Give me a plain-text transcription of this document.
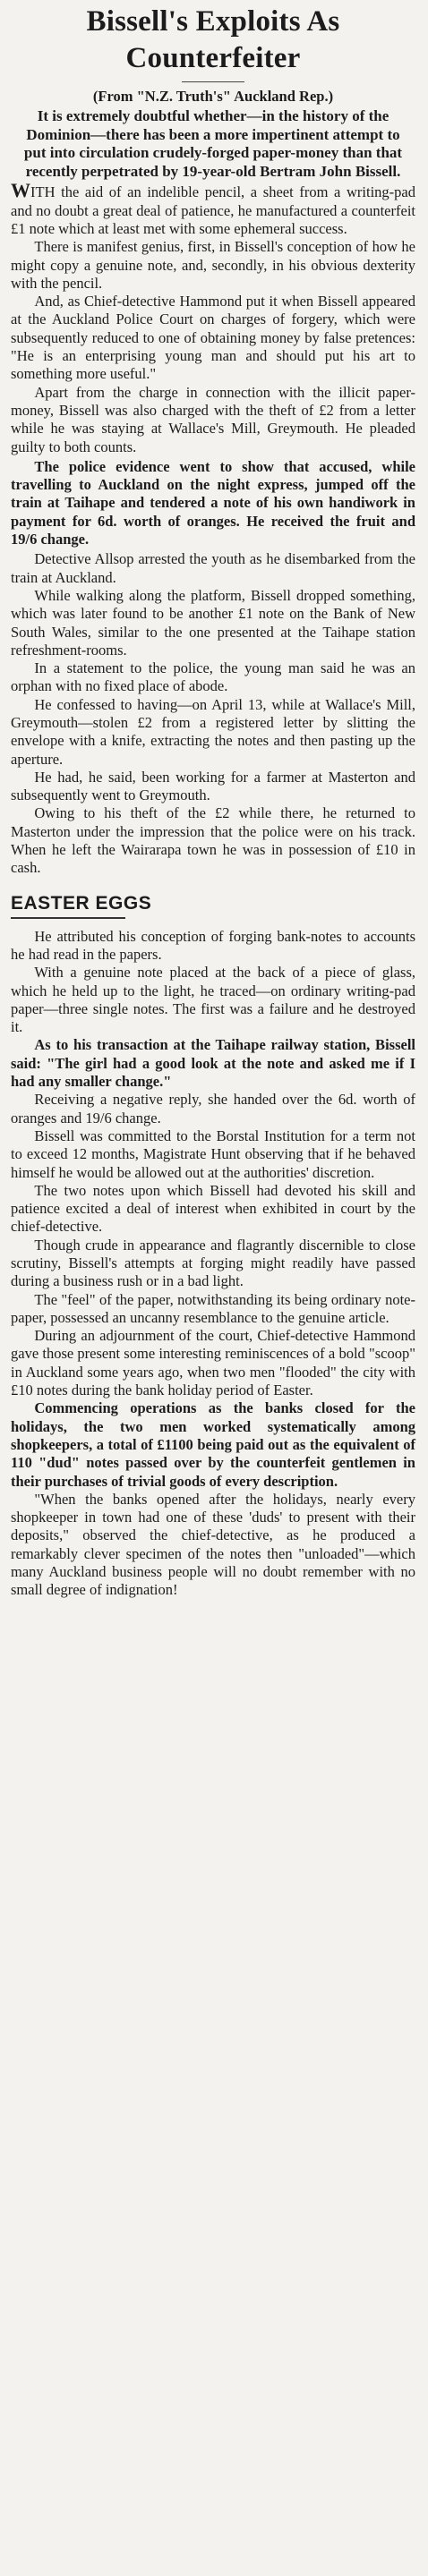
Bissell's Exploits As
Counterfeiter
(From "N.Z. Truth's" Auckland Rep.)

It is extremely doubtful whether—in the history of the Dominion—there has been a more impertinent attempt to put into circulation crudely-forged paper-money than that recently perpetrated by 19-year-old Bertram John Bissell.

WITH the aid of an indelible pencil, a sheet from a writing-pad and no doubt a great deal of patience, he manufactured a counterfeit £1 note which at least met with some ephemeral success.

There is manifest genius, first, in Bissell's conception of how he might copy a genuine note, and, secondly, in his obvious dexterity with the pencil.

And, as Chief-detective Hammond put it when Bissell appeared at the Auckland Police Court on charges of forgery, which were subsequently reduced to one of obtaining money by false pretences: "He is an enterprising young man and should put his art to something more useful."

Apart from the charge in connection with the illicit paper-money, Bissell was also charged with the theft of £2 from a letter while he was staying at Wallace's Mill, Greymouth. He pleaded guilty to both counts.

The police evidence went to show that accused, while travelling to Auckland on the night express, jumped off the train at Taihape and tendered a note of his own handiwork in payment for 6d. worth of oranges. He received the fruit and 19/6 change.

Detective Allsop arrested the youth as he disembarked from the train at Auckland.

While walking along the platform, Bissell dropped something, which was later found to be another £1 note on the Bank of New South Wales, similar to the one presented at the Taihape station refreshment-rooms.

In a statement to the police, the young man said he was an orphan with no fixed place of abode.

He confessed to having—on April 13, while at Wallace's Mill, Greymouth—stolen £2 from a registered letter by slitting the envelope with a knife, extracting the notes and then pasting up the aperture.

He had, he said, been working for a farmer at Masterton and subsequently went to Greymouth.

Owing to his theft of the £2 while there, he returned to Masterton under the impression that the police were on his track. When he left the Wairarapa town he was in possession of £10 in cash.

EASTER EGGS

He attributed his conception of forging bank-notes to accounts he had read in the papers.

With a genuine note placed at the back of a piece of glass, which he held up to the light, he traced—on ordinary writing-pad paper—three single notes. The first was a failure and he destroyed it.

As to his transaction at the Taihape railway station, Bissell said: "The girl had a good look at the note and asked me if I had any smaller change."

Receiving a negative reply, she handed over the 6d. worth of oranges and 19/6 change.

Bissell was committed to the Borstal Institution for a term not to exceed 12 months, Magistrate Hunt observing that if he behaved himself he would be allowed out at the authorities' discretion.

The two notes upon which Bissell had devoted his skill and patience excited a deal of interest when exhibited in court by the chief-detective.

Though crude in appearance and flagrantly discernible to close scrutiny, Bissell's attempts at forging might readily have passed during a business rush or in a bad light.

The "feel" of the paper, notwithstanding its being ordinary note-paper, possessed an uncanny resemblance to the genuine article.

During an adjournment of the court, Chief-detective Hammond gave those present some interesting reminiscences of a bold "scoop" in Auckland some years ago, when two men "flooded" the city with £10 notes during the bank holiday period of Easter.

Commencing operations as the banks closed for the holidays, the two men worked systematically among shopkeepers, a total of £1100 being paid out as the equivalent of 110 "dud" notes passed over by the counterfeit gentlemen in their purchases of trivial goods of every description.

"When the banks opened after the holidays, nearly every shopkeeper in town had one of these 'duds' to present with their deposits," observed the chief-detective, as he produced a remarkably clever specimen of the notes then "unloaded"—which many Auckland business people will no doubt remember with no small degree of indignation!
